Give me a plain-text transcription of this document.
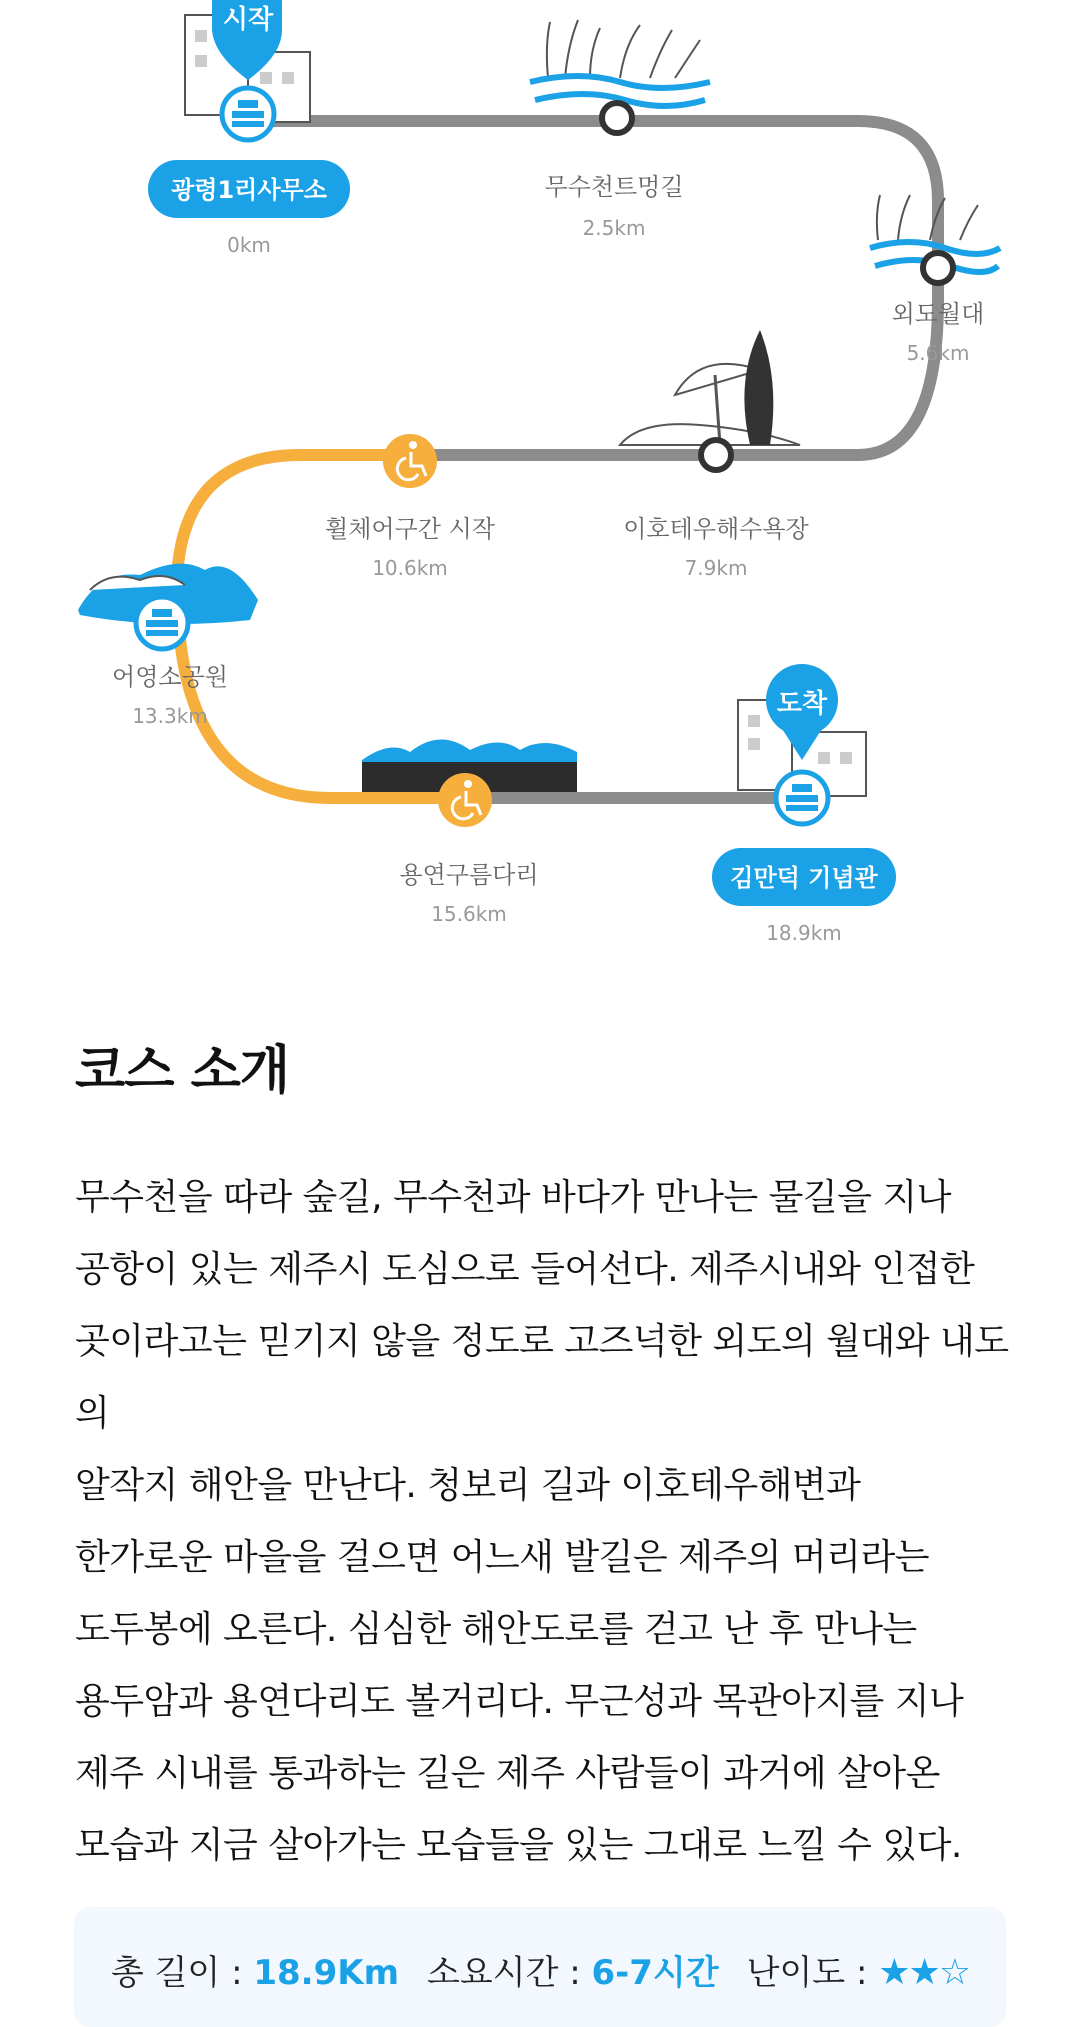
시작
도착
광령1리사무소
0km
무수천트멍길
2.5km
외도월대
5.6km
이호테우해수욕장
7.9km
휠체어구간 시작
10.6km
어영소공원
13.3km
용연구름다리
15.6km
김만덕 기념관
18.9km
코스 소개
무수천을 따라 숲길, 무수천과 바다가 만나는 물길을 지나
공항이 있는 제주시 도심으로 들어선다. 제주시내와 인접한
곳이라고는 믿기지 않을 정도로 고즈넉한 외도의 월대와 내도의
알작지 해안을 만난다. 청보리 길과 이호테우해변과
한가로운 마을을 걸으면 어느새 발길은 제주의 머리라는
도두봉에 오른다. 심심한 해안도로를 걷고 난 후 만나는
용두암과 용연다리도 볼거리다. 무근성과 목관아지를 지나
제주 시내를 통과하는 길은 제주 사람들이 과거에 살아온
모습과 지금 살아가는 모습들을 있는 그대로 느낄 수 있다.
총 길이 : 18.9Km 소요시간 : 6-7시간 난이도 : ★★☆
